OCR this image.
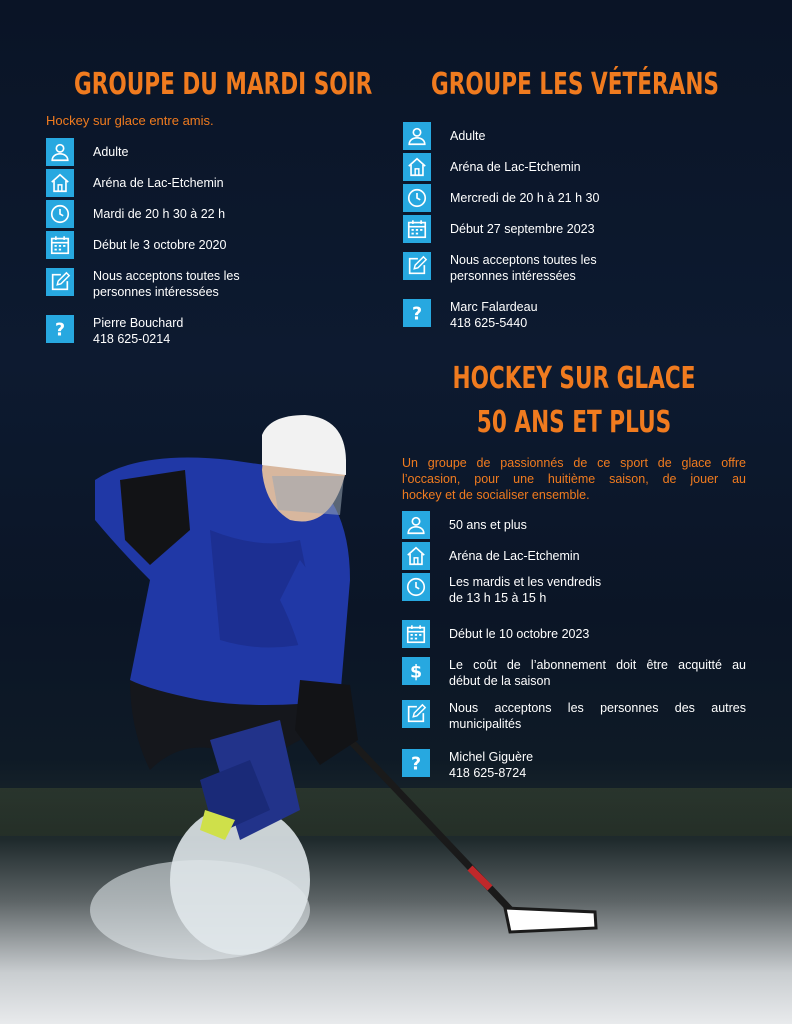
GROUPE DU MARDI SOIR

Hockey sur glace entre amis.

Adulte
Aréna de Lac-Etchemin
Mardi de 20 h 30 à 22 h
Début le 3 octobre 2020
Nous acceptons toutes les
personnes intéressées
? Pierre Bouchard
418 625-0214
GROUPE LES VÉTÉRANS
Adulte
Aréna de Lac-Etchemin
Mercredi de 20 h à 21 h 30
Début 27 septembre 2023
Nous acceptons toutes les
personnes intéressées
? Marc Falardeau
418 625-5440
HOCKEY SUR GLACE
50 ANS ET PLUS
Un groupe de passionnés de ce sport de glace offre
l’occasion, pour une huitième saison, de jouer au
hockey et de socialiser ensemble.
50 ans et plus
Aréna de Lac-Etchemin
Les mardis et les vendredis
de 13 h 15 à 15 h
Début le 10 octobre 2023
$ Le coût de l’abonnement doit être acquitté au
début de la saison
Nous acceptons les personnes des autres
municipalités
? Michel Giguère
418 625-8724
